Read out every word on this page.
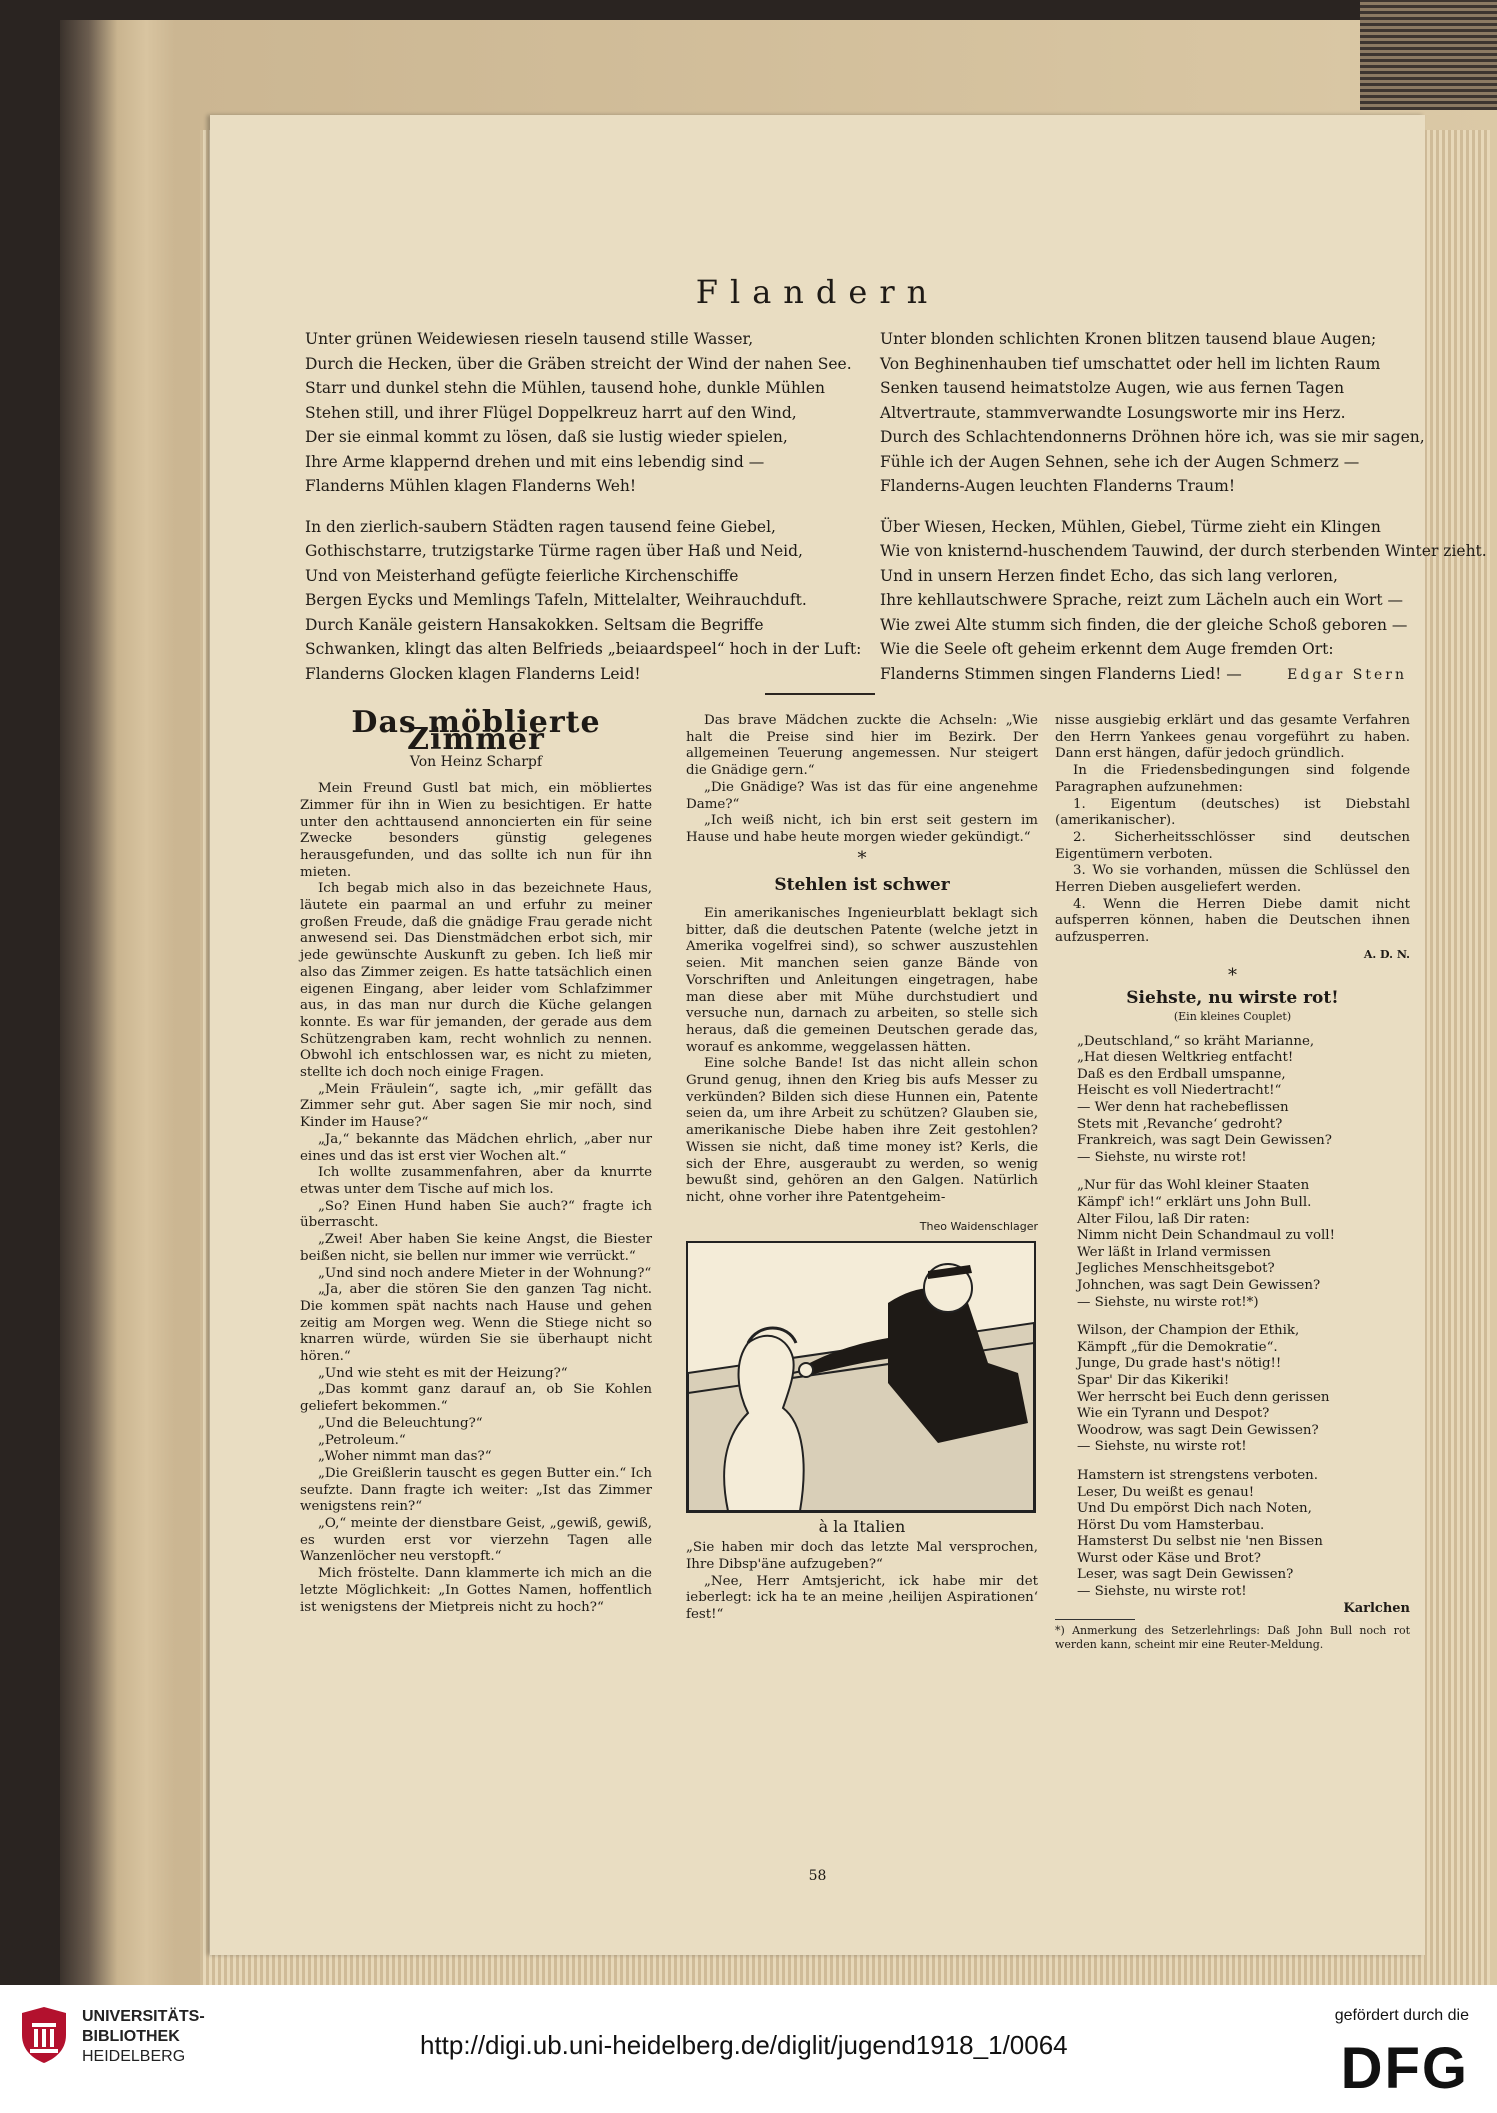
Flandern
Unter grünen Weidewiesen rieseln tausend stille Wasser,
Durch die Hecken, über die Gräben streicht der Wind der nahen See.
Starr und dunkel stehn die Mühlen, tausend hohe, dunkle Mühlen
Stehen still, und ihrer Flügel Doppelkreuz harrt auf den Wind,
Der sie einmal kommt zu lösen, daß sie lustig wieder spielen,
Ihre Arme klappernd drehen und mit eins lebendig sind —
Flanderns Mühlen klagen Flanderns Weh!
In den zierlich-saubern Städten ragen tausend feine Giebel,
Gothischstarre, trutzigstarke Türme ragen über Haß und Neid,
Und von Meisterhand gefügte feierliche Kirchenschiffe
Bergen Eycks und Memlings Tafeln, Mittelalter, Weihrauchduft.
Durch Kanäle geistern Hansakokken. Seltsam die Begriffe
Schwanken, klingt das alten Belfrieds „beiaardspeel“ hoch in der Luft:
Flanderns Glocken klagen Flanderns Leid!
Unter blonden schlichten Kronen blitzen tausend blaue Augen;
Von Beghinenhauben tief umschattet oder hell im lichten Raum
Senken tausend heimatstolze Augen, wie aus fernen Tagen
Altvertraute, stammverwandte Losungsworte mir ins Herz.
Durch des Schlachtendonnerns Dröhnen höre ich, was sie mir sagen,
Fühle ich der Augen Sehnen, sehe ich der Augen Schmerz —
Flanderns-Augen leuchten Flanderns Traum!
Über Wiesen, Hecken, Mühlen, Giebel, Türme zieht ein Klingen
Wie von knisternd-huschendem Tauwind, der durch sterbenden Winter zieht.
Und in unsern Herzen findet Echo, das sich lang verloren,
Ihre kehllautschwere Sprache, reizt zum Lächeln auch ein Wort —
Wie zwei Alte stumm sich finden, die der gleiche Schoß geboren —
Wie die Seele oft geheim erkennt dem Auge fremden Ort:
Flanderns Stimmen singen Flanderns Lied! —	Edgar Stern
Das möblierte Zimmer
Von Heinz Scharpf

Mein Freund Gustl bat mich, ein möbliertes Zimmer für ihn in Wien zu besichtigen. Er hatte unter den achttausend annoncierten ein für seine Zwecke besonders günstig gelegenes herausgefunden, und das sollte ich nun für ihn mieten.

Ich begab mich also in das bezeichnete Haus, läutete ein paarmal an und erfuhr zu meiner großen Freude, daß die gnädige Frau gerade nicht anwesend sei. Das Dienstmädchen erbot sich, mir jede gewünschte Auskunft zu geben. Ich ließ mir also das Zimmer zeigen. Es hatte tatsächlich einen eigenen Eingang, aber leider vom Schlafzimmer aus, in das man nur durch die Küche gelangen konnte. Es war für jemanden, der gerade aus dem Schützengraben kam, recht wohnlich zu nennen. Obwohl ich entschlossen war, es nicht zu mieten, stellte ich doch noch einige Fragen.

„Mein Fräulein“, sagte ich, „mir gefällt das Zimmer sehr gut. Aber sagen Sie mir noch, sind Kinder im Hause?“

„Ja,“ bekannte das Mädchen ehrlich, „aber nur eines und das ist erst vier Wochen alt.“

Ich wollte zusammenfahren, aber da knurrte etwas unter dem Tische auf mich los.

„So? Einen Hund haben Sie auch?“ fragte ich überrascht.

„Zwei! Aber haben Sie keine Angst, die Biester beißen nicht, sie bellen nur immer wie verrückt.“

„Und sind noch andere Mieter in der Wohnung?“

„Ja, aber die stören Sie den ganzen Tag nicht. Die kommen spät nachts nach Hause und gehen zeitig am Morgen weg. Wenn die Stiege nicht so knarren würde, würden Sie sie überhaupt nicht hören.“

„Und wie steht es mit der Heizung?“

„Das kommt ganz darauf an, ob Sie Kohlen geliefert bekommen.“

„Und die Beleuchtung?“

„Petroleum.“

„Woher nimmt man das?“

„Die Greißlerin tauscht es gegen Butter ein.“ Ich seufzte. Dann fragte ich weiter: „Ist das Zimmer wenigstens rein?“

„O,“ meinte der dienstbare Geist, „gewiß, gewiß, es wurden erst vor vierzehn Tagen alle Wanzenlöcher neu verstopft.“

Mich fröstelte. Dann klammerte ich mich an die letzte Möglichkeit: „In Gottes Namen, hoffentlich ist wenigstens der Mietpreis nicht zu hoch?“

Das brave Mädchen zuckte die Achseln: „Wie halt die Preise sind hier im Bezirk. Der allgemeinen Teuerung angemessen. Nur steigert die Gnädige gern.“

„Die Gnädige? Was ist das für eine angenehme Dame?“

„Ich weiß nicht, ich bin erst seit gestern im Hause und habe heute morgen wieder gekündigt.“

*
Stehlen ist schwer

Ein amerikanisches Ingenieurblatt beklagt sich bitter, daß die deutschen Patente (welche jetzt in Amerika vogelfrei sind), so schwer auszustehlen seien. Mit manchen seien ganze Bände von Vorschriften und Anleitungen eingetragen, habe man diese aber mit Mühe durchstudiert und versuche nun, darnach zu arbeiten, so stelle sich heraus, daß die gemeinen Deutschen gerade das, worauf es ankomme, weggelassen hätten.

Eine solche Bande! Ist das nicht allein schon Grund genug, ihnen den Krieg bis aufs Messer zu verkünden? Bilden sich diese Hunnen ein, Patente seien da, um ihre Arbeit zu schützen? Glauben sie, amerikanische Diebe haben ihre Zeit gestohlen? Wissen sie nicht, daß time money ist? Kerls, die sich der Ehre, ausgeraubt zu werden, so wenig bewußt sind, gehören an den Galgen. Natürlich nicht, ohne vorher ihre Patentgeheim-

Theo Waidenschlager
à la Italien

„Sie haben mir doch das letzte Mal versprochen, Ihre Dibsp'äne aufzugeben?“

„Nee, Herr Amtsjericht, ick habe mir det ieberlegt: ick ha te an meine ‚heilijen Aspirationen‘ fest!“

nisse ausgiebig erklärt und das gesamte Verfahren den Herrn Yankees genau vorgeführt zu haben. Dann erst hängen, dafür jedoch gründlich.

In die Friedensbedingungen sind folgende Paragraphen aufzunehmen:

1. Eigentum (deutsches) ist Diebstahl (amerikanischer).

2. Sicherheitsschlösser sind deutschen Eigentümern verboten.

3. Wo sie vorhanden, müssen die Schlüssel den Herren Dieben ausgeliefert werden.

4. Wenn die Herren Diebe damit nicht aufsperren können, haben die Deutschen ihnen aufzusperren.

A. D. N.
*
Siehste, nu wirste rot!
(Ein kleines Couplet)
„Deutschland,“ so kräht Marianne,
„Hat diesen Weltkrieg entfacht!
Daß es den Erdball umspanne,
Heischt es voll Niedertracht!“
— Wer denn hat rachebeflissen
Stets mit ‚Revanche‘ gedroht?
Frankreich, was sagt Dein Gewissen?
— Siehste, nu wirste rot!
„Nur für das Wohl kleiner Staaten
Kämpf' ich!“ erklärt uns John Bull.
Alter Filou, laß Dir raten:
Nimm nicht Dein Schandmaul zu voll!
Wer läßt in Irland vermissen
Jegliches Menschheitsgebot?
Johnchen, was sagt Dein Gewissen?
— Siehste, nu wirste rot!*)
Wilson, der Champion der Ethik,
Kämpft „für die Demokratie“.
Junge, Du grade hast's nötig!!
Spar' Dir das Kikeriki!
Wer herrscht bei Euch denn gerissen
Wie ein Tyrann und Despot?
Woodrow, was sagt Dein Gewissen?
— Siehste, nu wirste rot!
Hamstern ist strengstens verboten.
Leser, Du weißt es genau!
Und Du empörst Dich nach Noten,
Hörst Du vom Hamsterbau.
Hamsterst Du selbst nie 'nen Bissen
Wurst oder Käse und Brot?
Leser, was sagt Dein Gewissen?
— Siehste, nu wirste rot!
Karlchen
*) Anmerkung des Setzerlehrlings: Daß John Bull noch rot werden kann, scheint mir eine Reuter-Meldung.
58
UNIVERSITÄTS-
BIBLIOTHEK
HEIDELBERG	http://digi.ub.uni-heidelberg.de/diglit/jugend1918_1/0064
gefördert durch die
DFG
